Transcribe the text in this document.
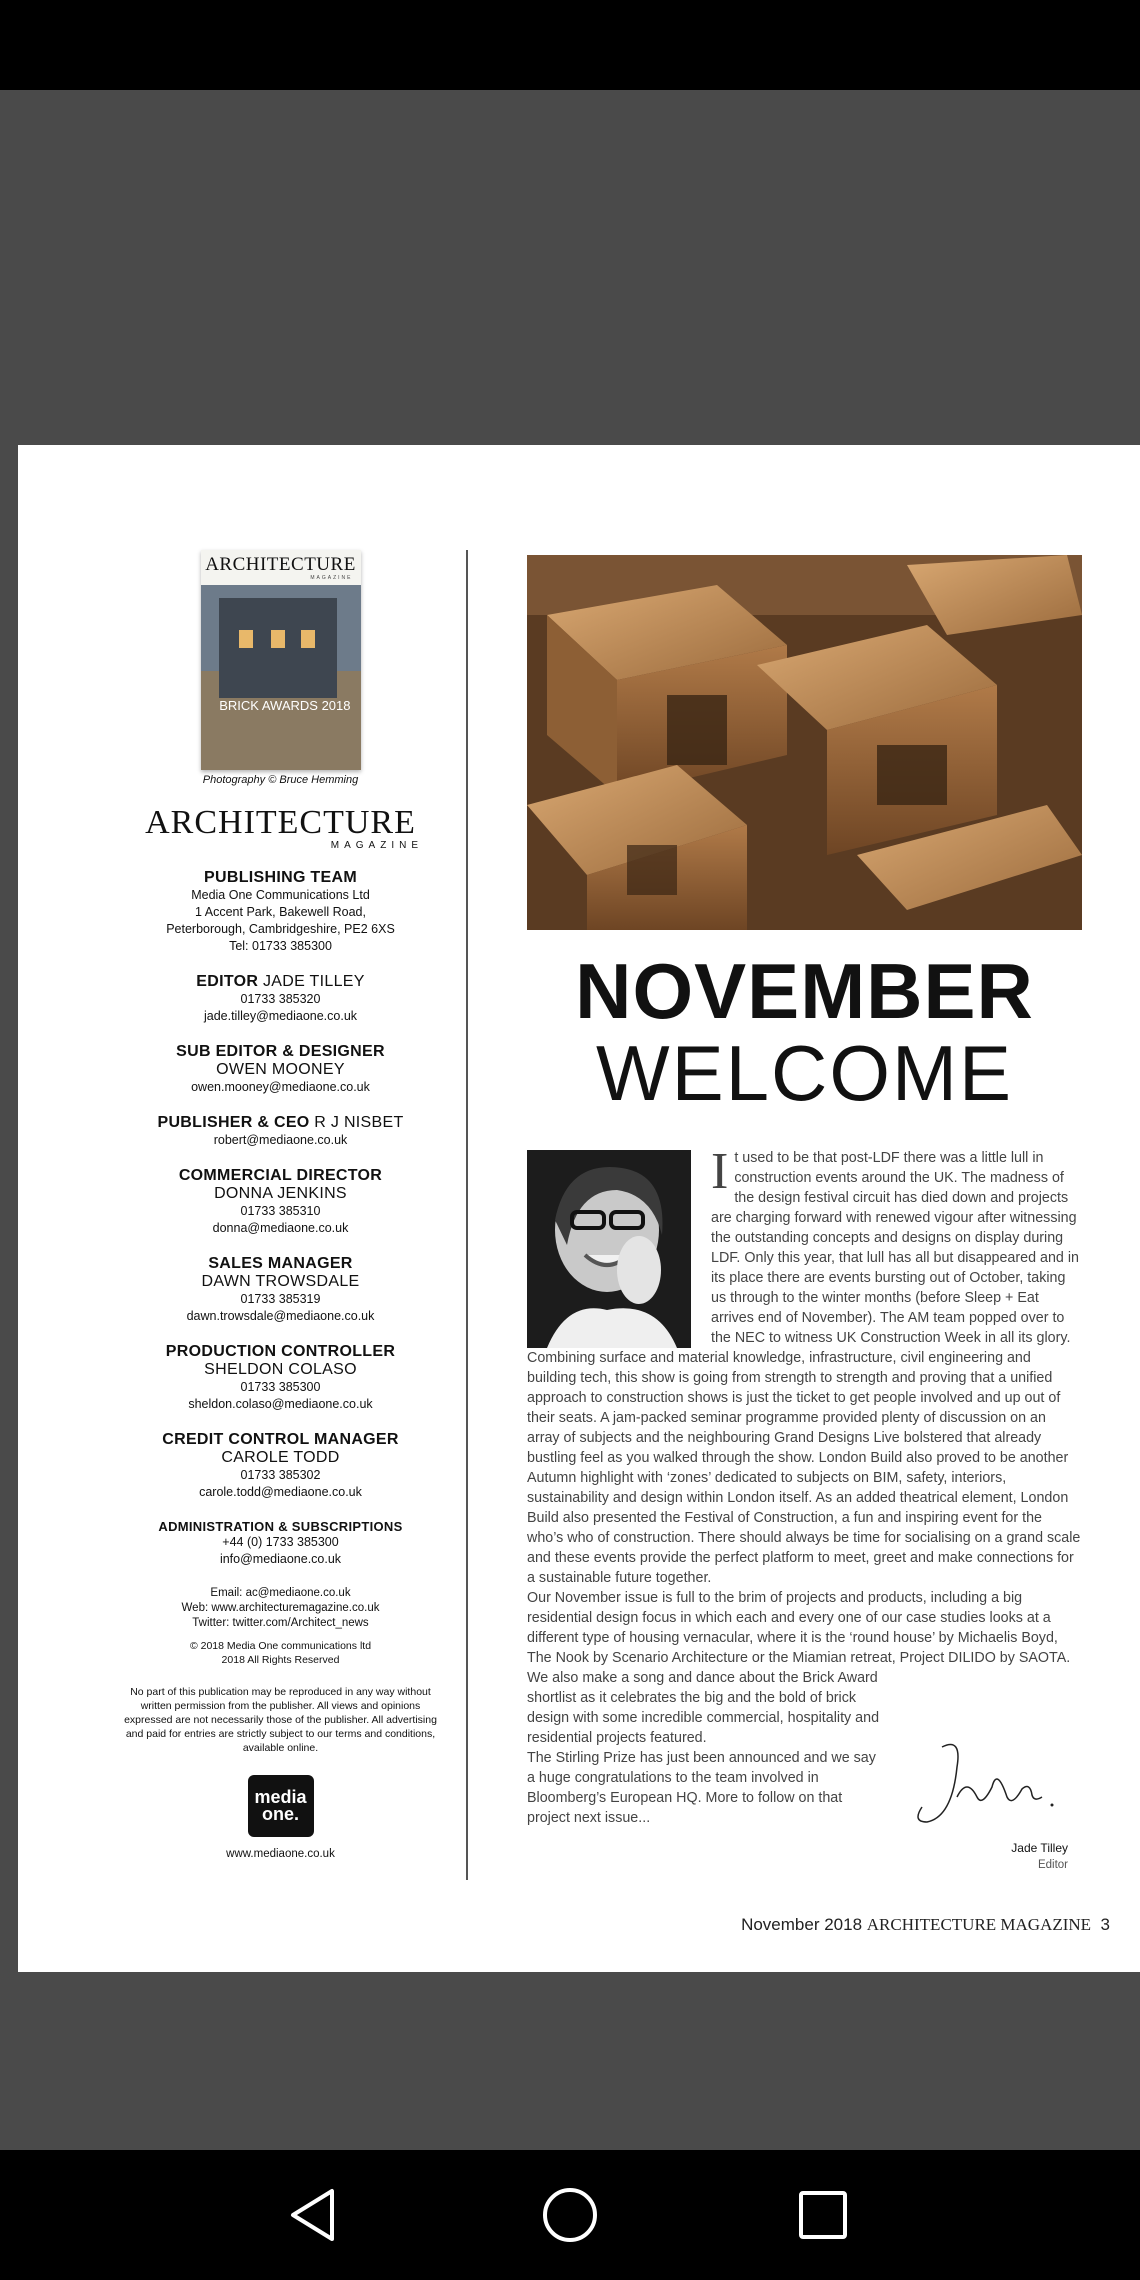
ARCHITECTURE
MAGAZINE
BRICK AWARDS 2018
Photography © Bruce Hemming
ARCHITECTURE
MAGAZINE
PUBLISHING TEAM
Media One Communications Ltd
1 Accent Park, Bakewell Road,
Peterborough, Cambridgeshire, PE2 6XS
Tel: 01733 385300
EDITOR JADE TILLEY
01733 385320
jade.tilley@mediaone.co.uk
SUB EDITOR & DESIGNER
OWEN MOONEY
owen.mooney@mediaone.co.uk
PUBLISHER & CEO R J NISBET
robert@mediaone.co.uk
COMMERCIAL DIRECTOR
DONNA JENKINS
01733 385310
donna@mediaone.co.uk
SALES MANAGER
DAWN TROWSDALE
01733 385319
dawn.trowsdale@mediaone.co.uk
PRODUCTION CONTROLLER
SHELDON COLASO
01733 385300
sheldon.colaso@mediaone.co.uk
CREDIT CONTROL MANAGER
CAROLE TODD
01733 385302
carole.todd@mediaone.co.uk
ADMINISTRATION & SUBSCRIPTIONS
+44 (0) 1733 385300
info@mediaone.co.uk
Email: ac@mediaone.co.uk
Web: www.architecturemagazine.co.uk
Twitter: twitter.com/Architect_news
© 2018 Media One communications ltd
2018 All Rights Reserved
No part of this publication may be reproduced in any way without written permission from the publisher. All views and opinions expressed are not necessarily those of the publisher. All advertising and paid for entries are strictly subject to our terms and conditions, available online.
media
one.
www.mediaone.co.uk
NOVEMBER
WELCOME

It used to be that post-LDF there was a little lull in construction events around the UK. The madness of the design festival circuit has died down and projects are charging forward with renewed vigour after witnessing the outstanding concepts and designs on display during LDF. Only this year, that lull has all but disappeared and in its place there are events bursting out of October, taking us through to the winter months (before Sleep + Eat arrives end of November). The AM team popped over to the NEC to witness UK Construction Week in all its glory. Combining surface and material knowledge, infrastructure, civil engineering and building tech, this show is going from strength to strength and proving that a unified approach to construction shows is just the ticket to get people involved and up out of their seats. A jam-packed seminar programme provided plenty of discussion on an array of subjects and the neighbouring Grand Designs Live bolstered that already bustling feel as you walked through the show. London Build also proved to be another Autumn highlight with ‘zones’ dedicated to subjects on BIM, safety, interiors, sustainability and design within London itself. As an added theatrical element, London Build also presented the Festival of Construction, a fun and inspiring event for the who’s who of construction. There should always be time for socialising on a grand scale and these events provide the perfect platform to meet, greet and make connections for a sustainable future together.

Our November issue is full to the brim of projects and products, including a big residential design focus in which each and every one of our case studies looks at a different type of housing vernacular, where it is the ‘round house’ by Michaelis Boyd, The Nook by Scenario Architecture or the Miamian retreat, Project DILIDO by SAOTA.

We also make a song and dance about the Brick Award shortlist as it celebrates the big and the bold of brick design with some incredible commercial, hospitality and residential projects featured.

The Stirling Prize has just been announced and we say a huge congratulations to the team involved in Bloomberg’s European HQ. More to follow on that project next issue...

Jade Tilley
Editor
November 2018 ARCHITECTURE MAGAZINE 3
